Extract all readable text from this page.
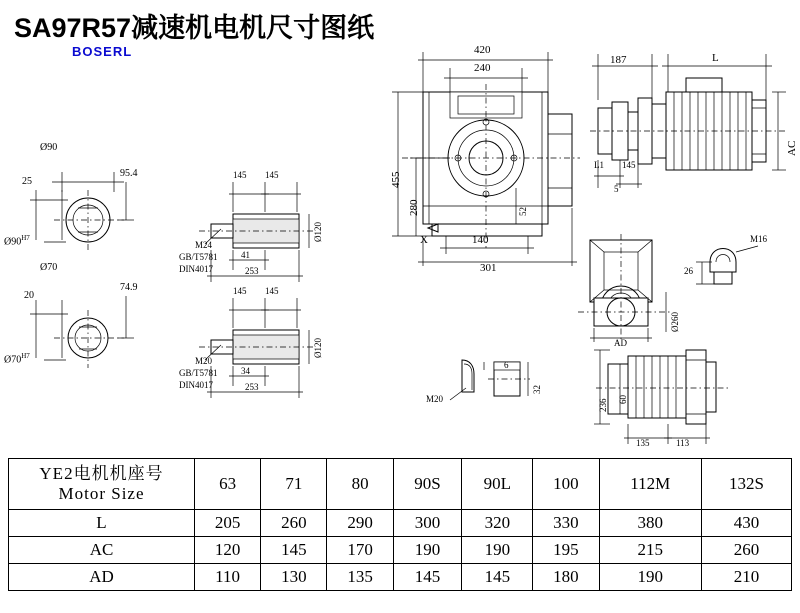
SA97R57减速机电机尺寸图纸
BOSERL
Ø90
25
95.4
$Ø90^{H7}$
Ø70
20
74.9
$Ø70^{H7}$
145 145
Ø120
M24
GB/T5781
DIN4017
41
253
145 145
Ø120
M20
GB/T5781
DIN4017
34
253
420
240
455
280	52
140
301
X
187	L
AC
L1 145
5
Ø260
AD
M16
26
M20
32
6
236 60
135	113
YE2电机机座号
Motor Size	63	71	80	90S	90L	100	112M	132S
L	205	260	290	300	320	330	380	430
AC	120	145	170	190	190	195	215	260
AD	110	130	135	145	145	180	190	210
